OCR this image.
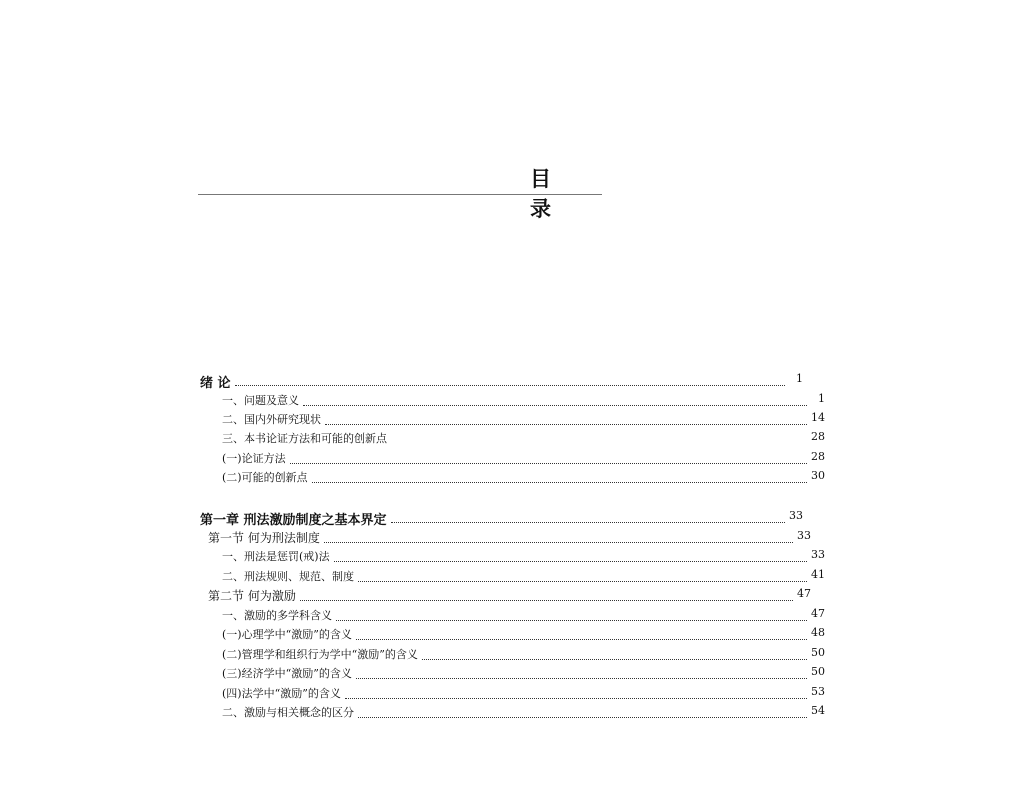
目 录
绪 论	1
一、问题及意义	1
二、国内外研究现状	14
三、本书论证方法和可能的创新点	28
(一)论证方法	28
(二)可能的创新点	30
第一章 刑法激励制度之基本界定	33
第一节 何为刑法制度	33
一、刑法是惩罚(戒)法	33
二、刑法规则、规范、制度	41
第二节 何为激励	47
一、激励的多学科含义	47
(一)心理学中“激励”的含义	48
(二)管理学和组织行为学中“激励”的含义	50
(三)经济学中“激励”的含义	50
(四)法学中“激励”的含义	53
二、激励与相关概念的区分	54
